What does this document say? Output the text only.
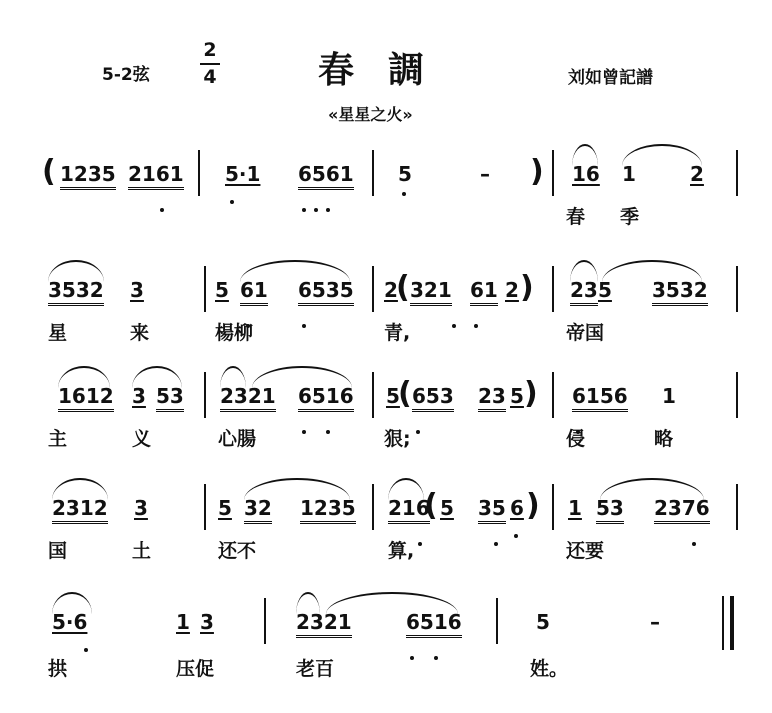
5-2弦
2
4	春調	刘如曾記譜
«星星之火»
( 1235 2161 5·1 6561 5	– ) 16 1	2
春 季
3532 3	5 61 6535 2
( 321 61 2 ) 23 5 3532
星	来	楊柳	青,	帝国
1612 3 53 2321 6516 5
( 653 23 5 ) 6156 1
主	义	心腸	狠;	侵	略
2312 3	5 32 1235 216
( 5 35 6 ) 1 53 2376
国	土	还不	算,	还要
5·6	1 3	2321	6516	5	–
拱	压促	老百	姓。
